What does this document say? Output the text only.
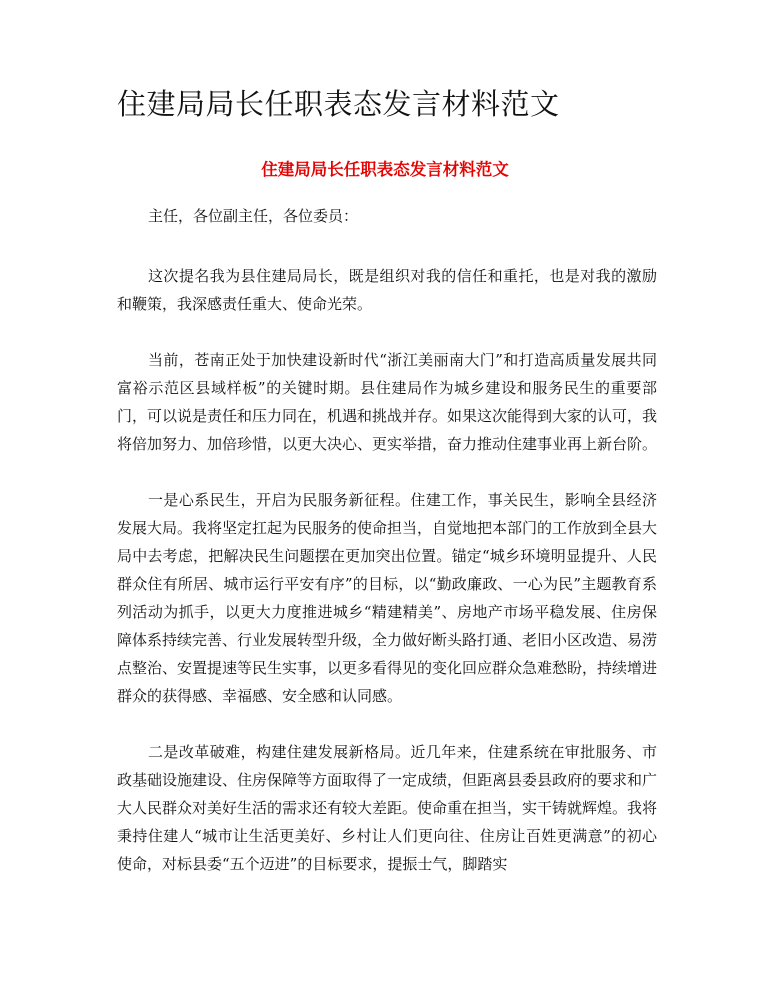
住建局局长任职表态发言材料范文
住建局局长任职表态发言材料范文

主任，各位副主任，各位委员：

这次提名我为县住建局局长，既是组织对我的信任和重托，也是对我的激励和鞭策，我深感责任重大、使命光荣。

当前，苍南正处于加快建设新时代“浙江美丽南大门”和打造高质量发展共同富裕示范区县域样板”的关键时期。县住建局作为城乡建设和服务民生的重要部门，可以说是责任和压力同在，机遇和挑战并存。如果这次能得到大家的认可，我将倍加努力、加倍珍惜，以更大决心、更实举措，奋力推动住建事业再上新台阶。

一是心系民生，开启为民服务新征程。住建工作，事关民生，影响全县经济发展大局。我将坚定扛起为民服务的使命担当，自觉地把本部门的工作放到全县大局中去考虑，把解决民生问题摆在更加突出位置。锚定“城乡环境明显提升、人民群众住有所居、城市运行平安有序”的目标，以“勤政廉政、一心为民”主题教育系列活动为抓手，以更大力度推进城乡“精建精美”、房地产市场平稳发展、住房保障体系持续完善、行业发展转型升级，全力做好断头路打通、老旧小区改造、易涝点整治、安置提速等民生实事，以更多看得见的变化回应群众急难愁盼，持续增进群众的获得感、幸福感、安全感和认同感。

二是改革破难，构建住建发展新格局。近几年来，住建系统在审批服务、市政基础设施建设、住房保障等方面取得了一定成绩，但距离县委县政府的要求和广大人民群众对美好生活的需求还有较大差距。使命重在担当，实干铸就辉煌。我将秉持住建人“城市让生活更美好、乡村让人们更向往、住房让百姓更满意”的初心使命，对标县委“五个迈进”的目标要求，提振士气，脚踏实
